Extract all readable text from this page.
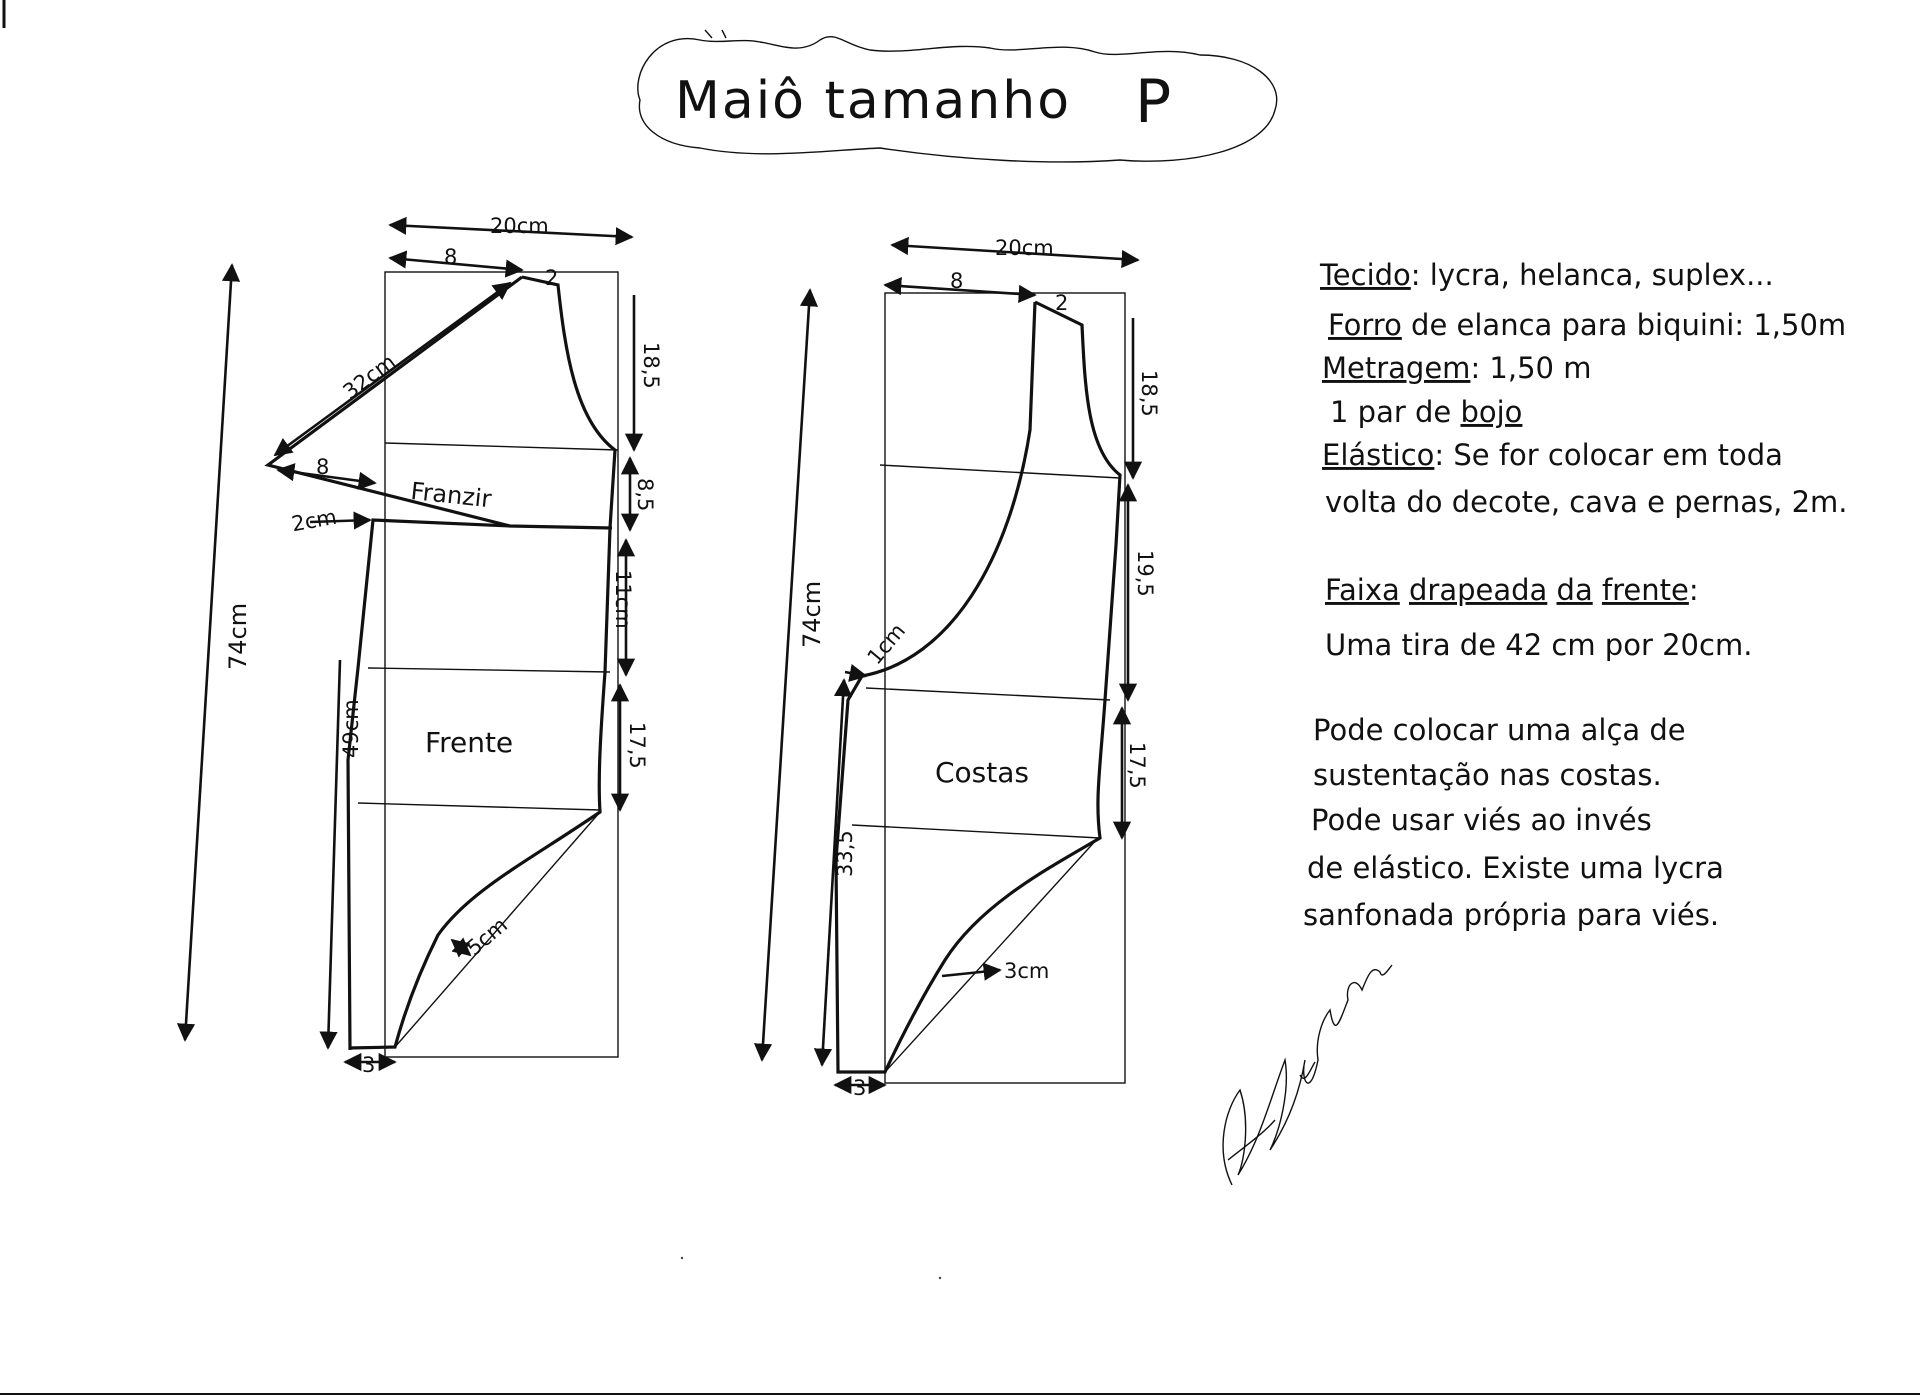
Maiô tamanho P
32cm
8
Franzir
5cm
20cm
8
2
18,5
8,5
11cm
17,5
74cm
2cm
49cm
3
Frente
3cm
20cm
8
2
18,5
19,5
17,5
74cm 1cm
33,5
3
Costas
Tecido: lycra, helanca, suplex...
Forro de elanca para biquini: 1,50m
Metragem: 1,50 m
1 par de bojo
Elástico: Se for colocar em toda
volta do decote, cava e pernas, 2m.
Faixa drapeada da frente:
Uma tira de 42 cm por 20cm.
Pode colocar uma alça de
sustentação nas costas.
Pode usar viés ao invés
de elástico. Existe uma lycra
sanfonada própria para viés.
